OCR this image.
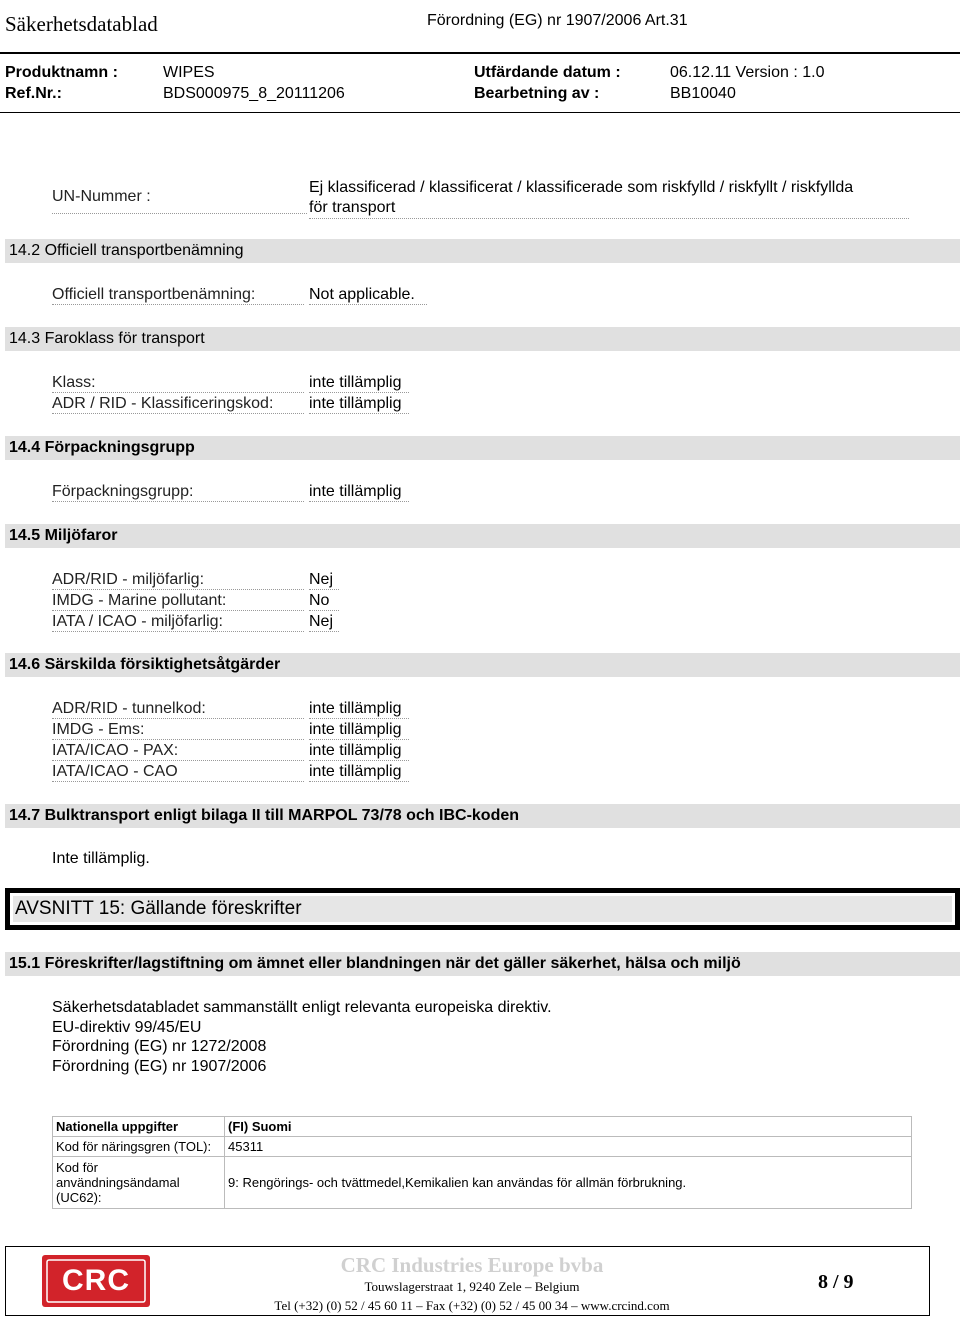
Säkerhetsdatablad	Förordning (EG) nr 1907/2006 Art.31
Produktnamn :	WIPES	Utfärdande datum :	06.12.11 Version : 1.0
Ref.Nr.:	BDS000975_8_20111206	Bearbetning av :	BB10040
UN-Nummer :
Ej klassificerad / klassificerat / klassificerade som riskfylld / riskfyllt / riskfyllda
för transport
14.2 Officiell transportbenämning
Officiell transportbenämning:	Not applicable.
14.3 Faroklass för transport
Klass:	inte tillämplig
ADR / RID - Klassificeringskod:	inte tillämplig
14.4 Förpackningsgrupp
Förpackningsgrupp:	inte tillämplig
14.5 Miljöfaror
ADR/RID - miljöfarlig:	Nej
IMDG - Marine pollutant:	No
IATA / ICAO - miljöfarlig:	Nej
14.6 Särskilda försiktighetsåtgärder
ADR/RID - tunnelkod:	inte tillämplig
IMDG - Ems:	inte tillämplig
IATA/ICAO - PAX:	inte tillämplig
IATA/ICAO - CAO	inte tillämplig
14.7 Bulktransport enligt bilaga II till MARPOL 73/78 och IBC-koden
Inte tillämplig.
AVSNITT 15: Gällande föreskrifter
15.1 Föreskrifter/lagstiftning om ämnet eller blandningen när det gäller säkerhet, hälsa och miljö
Säkerhetsdatabladet sammanställt enligt relevanta europeiska direktiv.
EU-direktiv 99/45/EU
Förordning (EG) nr 1272/2008
Förordning (EG) nr 1907/2006
Nationella uppgifter	(FI) Suomi
Kod för näringsgren (TOL):	45311
Kod för användningsändamal (UC62):	9: Rengörings- och tvättmedel,Kemikalien kan användas för allmän förbrukning.
CRC	CRC Industries Europe bvba
Touwslagerstraat 1, 9240 Zele – Belgium
Tel (+32) (0) 52 / 45 60 11 – Fax (+32) (0) 52 / 45 00 34 – www.crcind.com
8 / 9
